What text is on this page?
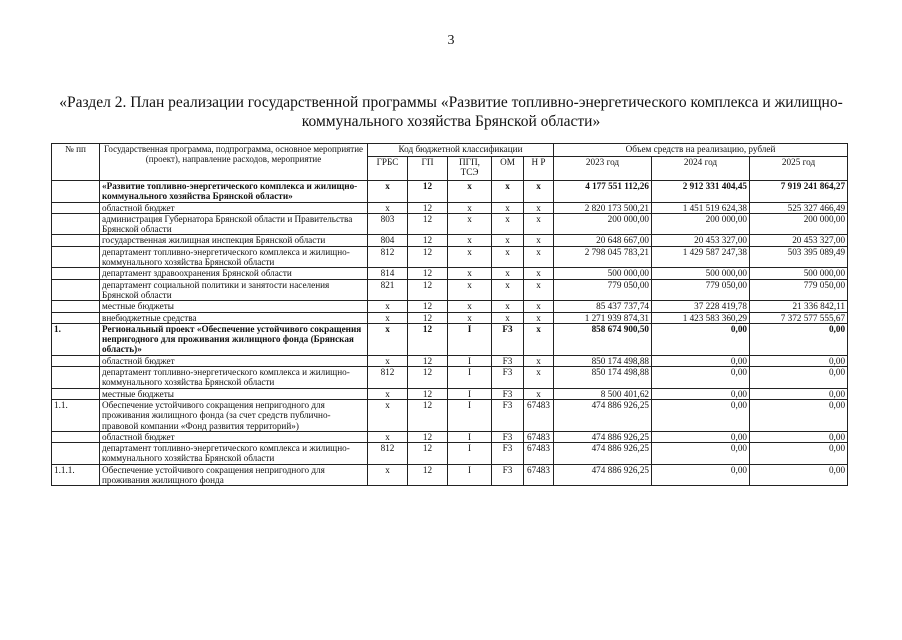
3
«Раздел 2. План реализации государственной программы «Развитие топливно-энергетического комплекса и жилищно-
коммунального хозяйства Брянской области»
№ пп	Государственная программа, подпрограмма, основное мероприятие (проект), направление расходов, мероприятие	Код бюджетной классификации					Объем средств на реализацию, рублей		
		ГРБС	ГП	ПГП, ТСЭ	ОМ	Н Р	2023 год	2024 год	2025 год
	«Развитие топливно-энергетического комплекса и жилищно-коммунального хозяйства Брянской области»	х	12	х	х	х	4 177 551 112,26	2 912 331 404,45	7 919 241 864,27
	областной бюджет	х	12	х	х	х	2 820 173 500,21	1 451 519 624,38	525 327 466,49
	администрация Губернатора Брянской области и Правительства Брянской области	803	12	х	х	х	200 000,00	200 000,00	200 000,00
	государственная жилищная инспекция Брянской области	804	12	х	х	х	20 648 667,00	20 453 327,00	20 453 327,00
	департамент топливно-энергетического комплекса и жилищно-коммунального хозяйства Брянской области	812	12	х	х	х	2 798 045 783,21	1 429 587 247,38	503 395 089,49
	департамент здравоохранения Брянской области	814	12	х	х	х	500 000,00	500 000,00	500 000,00
	департамент социальной политики и занятости населения Брянской области	821	12	х	х	х	779 050,00	779 050,00	779 050,00
	местные бюджеты	х	12	х	х	х	85 437 737,74	37 228 419,78	21 336 842,11
	внебюджетные средства	х	12	х	х	х	1 271 939 874,31	1 423 583 360,29	7 372 577 555,67
1.	Региональный проект «Обеспечение устойчивого сокращения непригодного для проживания жилищного фонда (Брянская область)»	х	12	I	F3	х	858 674 900,50	0,00	0,00
	областной бюджет	х	12	I	F3	х	850 174 498,88	0,00	0,00
	департамент топливно-энергетического комплекса и жилищно-коммунального хозяйства Брянской области	812	12	I	F3	х	850 174 498,88	0,00	0,00
	местные бюджеты	х	12	I	F3	х	8 500 401,62	0,00	0,00
1.1.	Обеспечение устойчивого сокращения непригодного для проживания жилищного фонда (за счет средств публично-правовой компании «Фонд развития территорий»)	х	12	I	F3	67483	474 886 926,25	0,00	0,00
	областной бюджет	х	12	I	F3	67483	474 886 926,25	0,00	0,00
	департамент топливно-энергетического комплекса и жилищно-коммунального хозяйства Брянской области	812	12	I	F3	67483	474 886 926,25	0,00	0,00
1.1.1.	Обеспечение устойчивого сокращения непригодного для проживания жилищного фонда	х	12	I	F3	67483	474 886 926,25	0,00	0,00
